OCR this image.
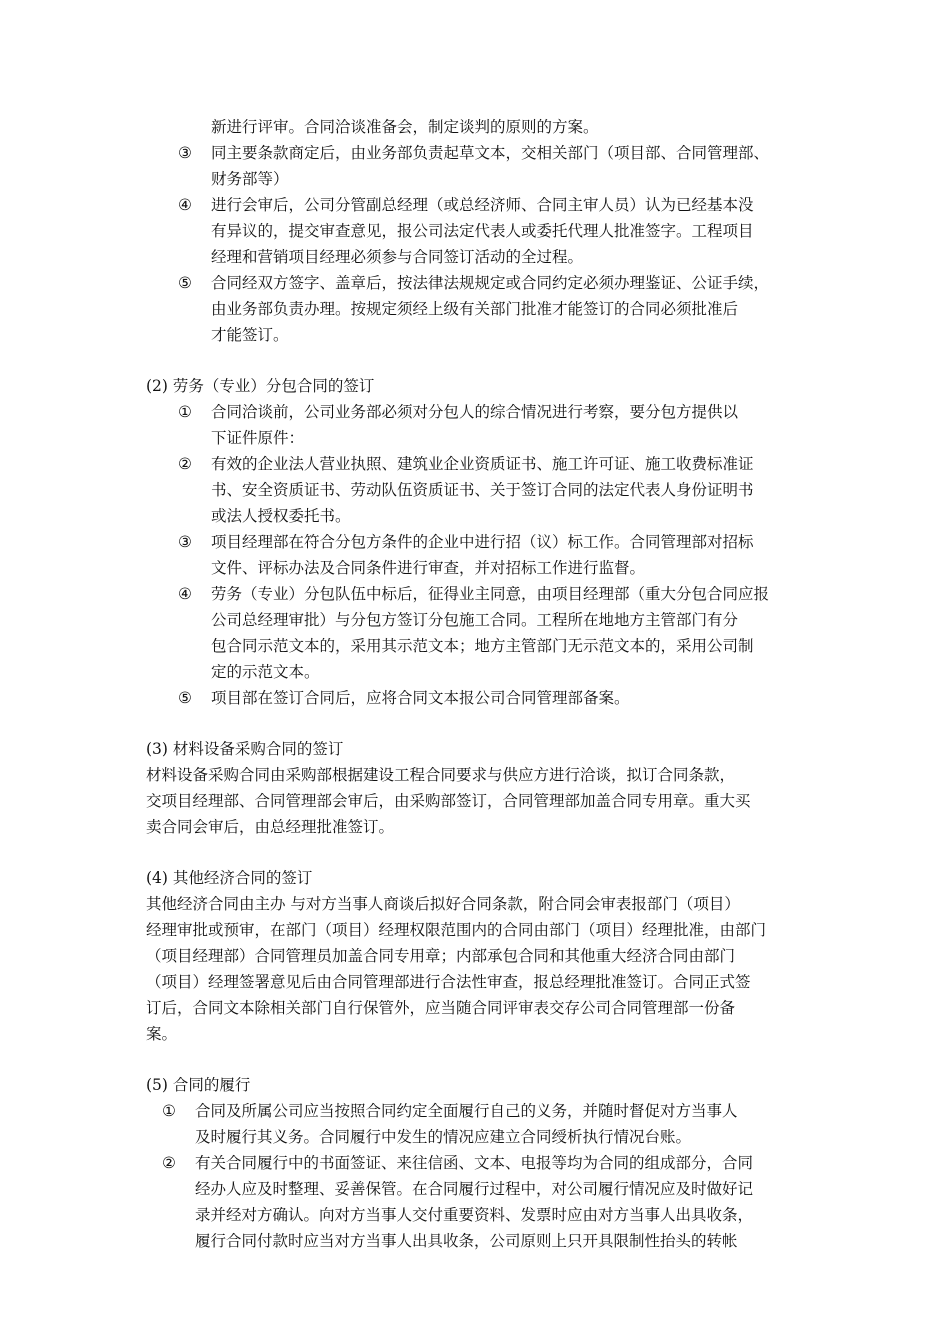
新进行评审。合同洽谈准备会，制定谈判的原则的方案。
③ 同主要条款商定后，由业务部负责起草文本，交相关部门（项目部、合同管理部、
财务部等）
④ 进行会审后，公司分管副总经理（或总经济师、合同主审人员）认为已经基本没
有异议的，提交审查意见，报公司法定代表人或委托代理人批准签字。工程项目
经理和营销项目经理必须参与合同签订活动的全过程。
⑤ 合同经双方签字、盖章后，按法律法规规定或合同约定必须办理鉴证、公证手续，
由业务部负责办理。按规定须经上级有关部门批准才能签订的合同必须批准后
才能签订。
(2) 劳务（专业）分包合同的签订
① 合同洽谈前，公司业务部必须对分包人的综合情况进行考察，要分包方提供以
下证件原件：
② 有效的企业法人营业执照、建筑业企业资质证书、施工许可证、施工收费标准证
书、安全资质证书、劳动队伍资质证书、关于签订合同的法定代表人身份证明书
或法人授权委托书。
③ 项目经理部在符合分包方条件的企业中进行招（议）标工作。合同管理部对招标
文件、评标办法及合同条件进行审查，并对招标工作进行监督。
④ 劳务（专业）分包队伍中标后，征得业主同意，由项目经理部（重大分包合同应报
公司总经理审批）与分包方签订分包施工合同。工程所在地地方主管部门有分
包合同示范文本的，采用其示范文本；地方主管部门无示范文本的，采用公司制
定的示范文本。
⑤ 项目部在签订合同后，应将合同文本报公司合同管理部备案。
(3) 材料设备采购合同的签订
材料设备采购合同由采购部根据建设工程合同要求与供应方进行洽谈，拟订合同条款，
交项目经理部、合同管理部会审后，由采购部签订，合同管理部加盖合同专用章。重大买
卖合同会审后，由总经理批准签订。
(4) 其他经济合同的签订
其他经济合同由主办 与对方当事人商谈后拟好合同条款，附合同会审表报部门（项目）
经理审批或预审，在部门（项目）经理权限范围内的合同由部门（项目）经理批准，由部门
（项目经理部）合同管理员加盖合同专用章；内部承包合同和其他重大经济合同由部门
（项目）经理签署意见后由合同管理部进行合法性审查，报总经理批准签订。合同正式签
订后，合同文本除相关部门自行保管外，应当随合同评审表交存公司合同管理部一份备
案。
(5) 合同的履行
① 合同及所属公司应当按照合同约定全面履行自己的义务，并随时督促对方当事人
及时履行其义务。合同履行中发生的情况应建立合同绶析执行情况台账。
② 有关合同履行中的书面签证、来往信函、文本、电报等均为合同的组成部分，合同
经办人应及时整理、妥善保管。在合同履行过程中，对公司履行情况应及时做好记
录并经对方确认。向对方当事人交付重要资料、发票时应由对方当事人出具收条，
履行合同付款时应当对方当事人出具收条，公司原则上只开具限制性抬头的转帐
